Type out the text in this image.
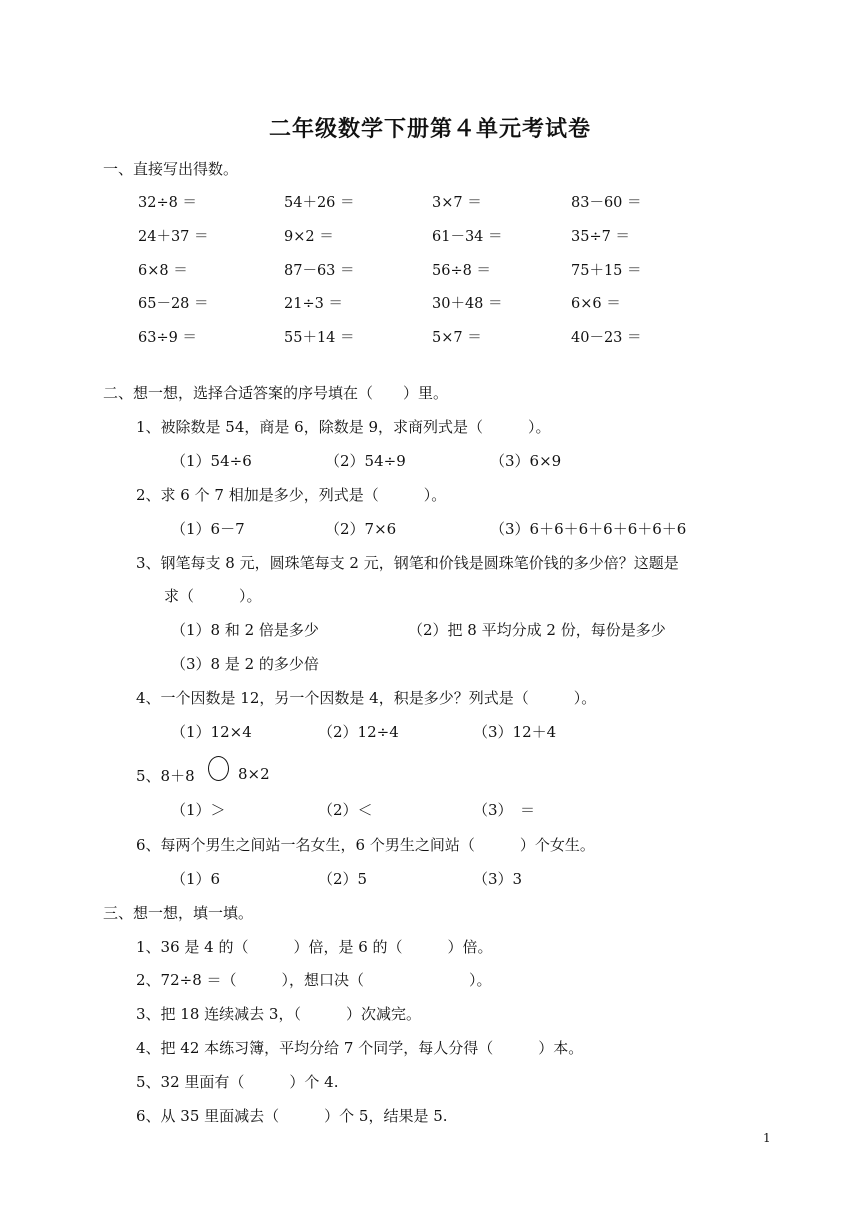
二年级数学下册第４单元考试卷
一、直接写出得数。
32÷8 ＝	54＋26 ＝	3×7 ＝	83－60 ＝
24＋37 ＝	9×2 ＝	61－34 ＝	35÷7 ＝
6×8 ＝	87－63 ＝	56÷8 ＝	75＋15 ＝
65－28 ＝	21÷3 ＝	30＋48 ＝	6×6 ＝
63÷9 ＝	55＋14 ＝	5×7 ＝	40－23 ＝
二、想一想，选择合适答案的序号填在（　　）里。
1、被除数是 54，商是 6，除数是 9，求商列式是（　　　）。
（1）54÷6	（2）54÷9	（3）6×9
2、求 6 个 7 相加是多少，列式是（　　　）。
（1）6－7	（2）7×6	（3）6＋6＋6＋6＋6＋6＋6
3、钢笔每支 8 元，圆珠笔每支 2 元，钢笔和价钱是圆珠笔价钱的多少倍？这题是
求（　　　）。
（1）8 和 2 倍是多少	（2）把 8 平均分成 2 份，每份是多少
（3）8 是 2 的多少倍
4、一个因数是 12，另一个因数是 4，积是多少？列式是（　　　）。
（1）12×4	（2）12÷4	（3）12＋4
5、8＋8	8×2
（1）＞	（2）＜	（3）　＝
6、每两个男生之间站一名女生，6 个男生之间站（　　　）个女生。
（1）6	（2）5	（3）3
三、想一想，填一填。
1、36 是 4 的（　　　）倍，是 6 的（　　　）倍。
2、72÷8 ＝（　　　），想口决（　　　　　　　）。
3、把 18 连续减去 3，（　　　）次减完。
4、把 42 本练习簿，平均分给 7 个同学，每人分得（　　　）本。
5、32 里面有（　　　）个 4.
6、从 35 里面减去（　　　）个 5，结果是 5.
1
